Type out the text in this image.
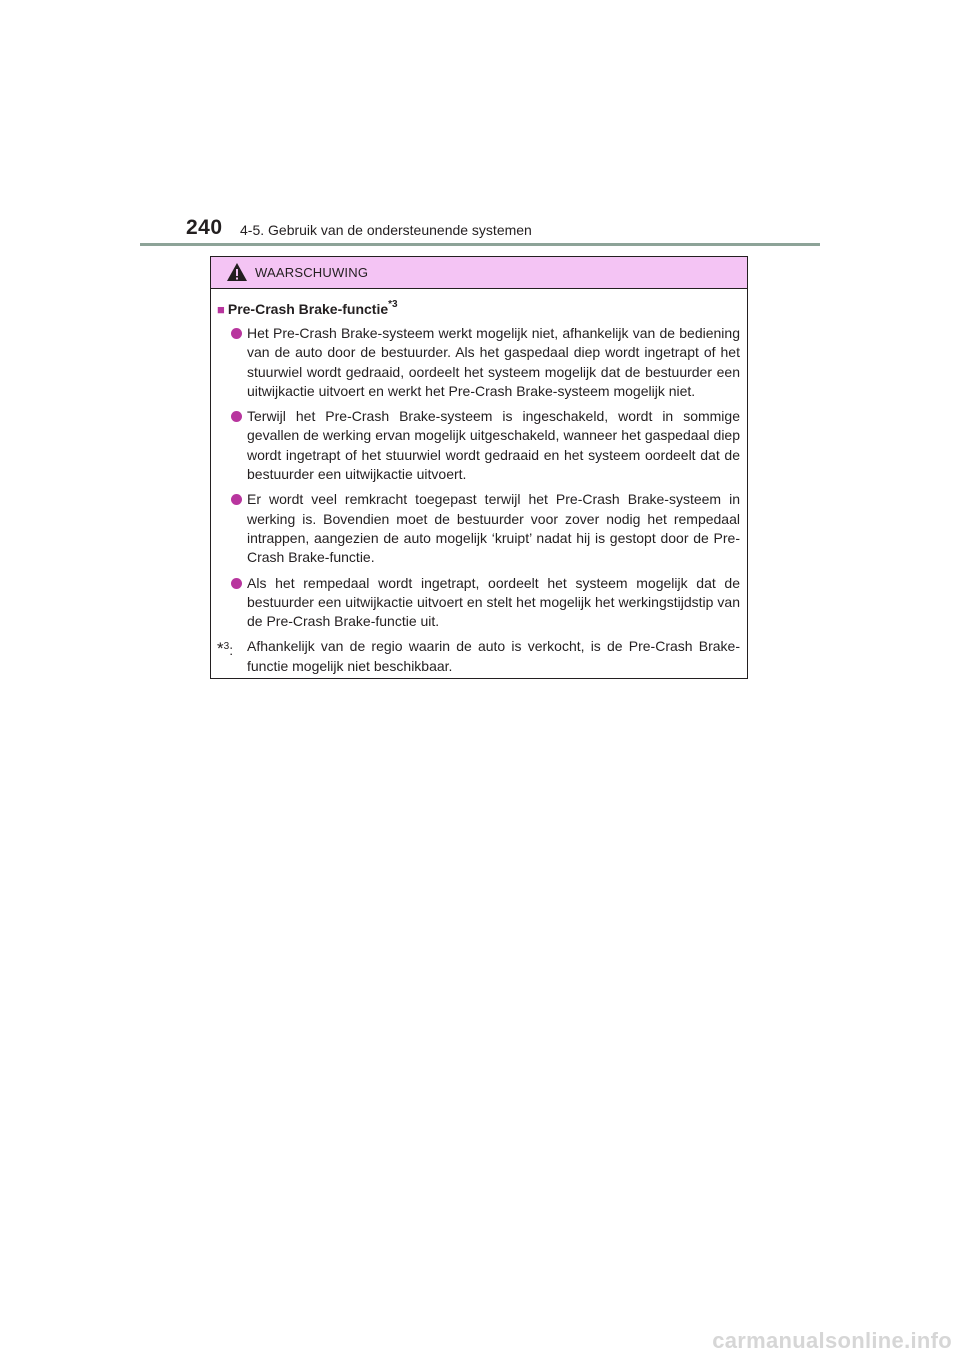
240 4-5. Gebruik van de ondersteunende systemen
WAARSCHUWING
■ Pre-Crash Brake-functie$^{*3}$
Het Pre-Crash Brake-systeem werkt mogelijk niet, afhankelijk van de bediening van de auto door de bestuurder. Als het gaspedaal diep wordt ingetrapt of het stuurwiel wordt gedraaid, oordeelt het systeem mogelijk dat de bestuurder een uitwijkactie uitvoert en werkt het Pre-Crash Brake-systeem mogelijk niet.
Terwijl het Pre-Crash Brake-systeem is ingeschakeld, wordt in sommige gevallen de werking ervan mogelijk uitgeschakeld, wanneer het gaspedaal diep wordt ingetrapt of het stuurwiel wordt gedraaid en het systeem oordeelt dat de bestuurder een uitwijkactie uitvoert.
Er wordt veel remkracht toegepast terwijl het Pre-Crash Brake-systeem in werking is. Bovendien moet de bestuurder voor zover nodig het rempedaal intrappen, aangezien de auto mogelijk ‘kruipt’ nadat hij is gestopt door de Pre-Crash Brake-functie.
Als het rempedaal wordt ingetrapt, oordeelt het systeem mogelijk dat de bestuurder een uitwijkactie uitvoert en stelt het mogelijk het werkingstijdstip van de Pre-Crash Brake-functie uit.
*$^3$: Afhankelijk van de regio waarin de auto is verkocht, is de Pre-Crash Brake-functie mogelijk niet beschikbaar.
carmanualsonline.info
